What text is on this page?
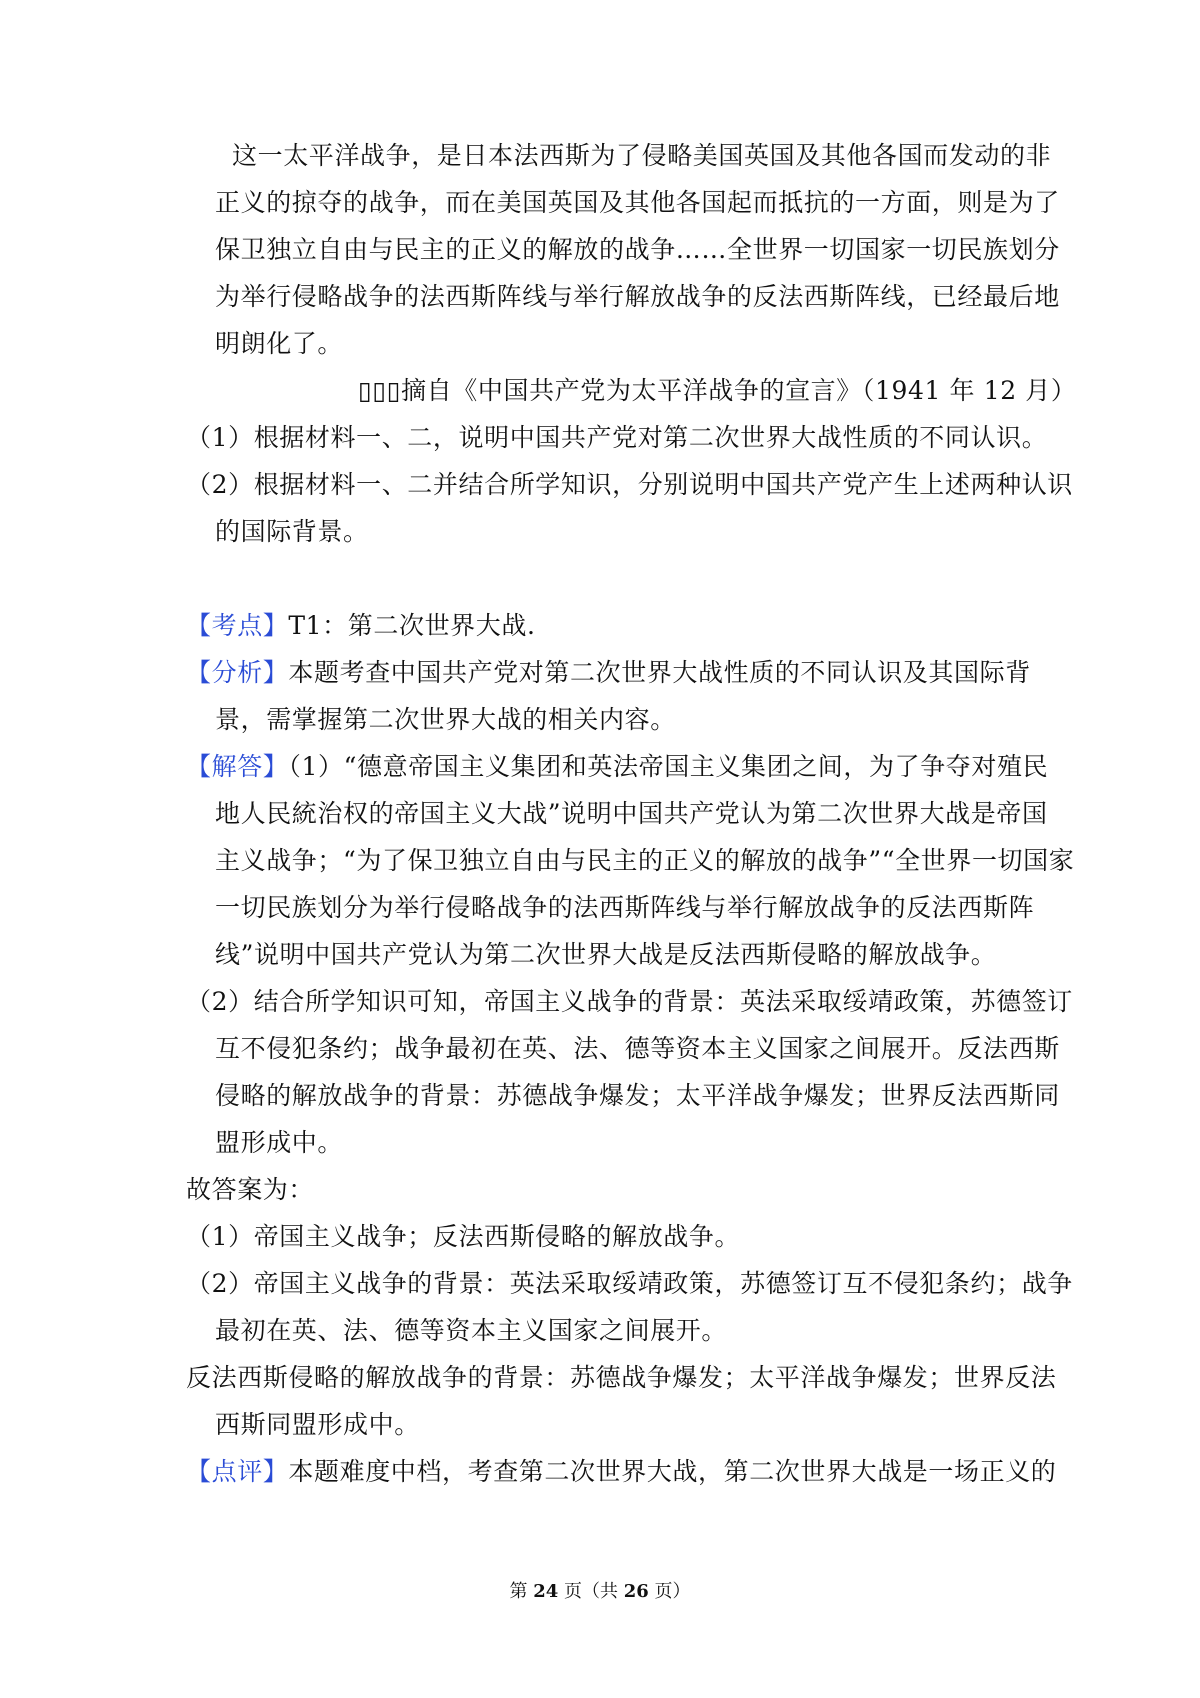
这一太平洋战争，是日本法西斯为了侵略美国英国及其他各国而发动的非
正义的掠夺的战争，而在美国英国及其他各国起而抵抗的一方面，则是为了
保卫独立自由与民主的正义的解放的战争……全世界一切国家一切民族划分
为举行侵略战争的法西斯阵线与举行解放战争的反法西斯阵线，已经最后地
明朗化了。
▯▯▯摘自《中国共产党为太平洋战争的宣言》（1941 年 12 月）
（1）根据材料一、二，说明中国共产党对第二次世界大战性质的不同认识。
（2）根据材料一、二并结合所学知识，分别说明中国共产党产生上述两种认识
的国际背景。
【考点】T1：第二次世界大战.
【分析】本题考查中国共产党对第二次世界大战性质的不同认识及其国际背
景，需掌握第二次世界大战的相关内容。
【解答】（1）“德意帝国主义集团和英法帝国主义集团之间，为了争夺对殖民
地人民統治权的帝国主义大战”说明中国共产党认为第二次世界大战是帝国
主义战争；“为了保卫独立自由与民主的正义的解放的战争”“全世界一切国家
一切民族划分为举行侵略战争的法西斯阵线与举行解放战争的反法西斯阵
线”说明中国共产党认为第二次世界大战是反法西斯侵略的解放战争。
（2）结合所学知识可知，帝国主义战争的背景：英法采取绥靖政策，苏德签订
互不侵犯条约；战争最初在英、法、德等资本主义国家之间展开。反法西斯
侵略的解放战争的背景：苏德战争爆发；太平洋战争爆发；世界反法西斯同
盟形成中。
故答案为：
（1）帝国主义战争；反法西斯侵略的解放战争。
（2）帝国主义战争的背景：英法采取绥靖政策，苏德签订互不侵犯条约；战争
最初在英、法、德等资本主义国家之间展开。
反法西斯侵略的解放战争的背景：苏德战争爆发；太平洋战争爆发；世界反法
西斯同盟形成中。
【点评】本题难度中档，考查第二次世界大战，第二次世界大战是一场正义的
第 24 页（共 26 页）
